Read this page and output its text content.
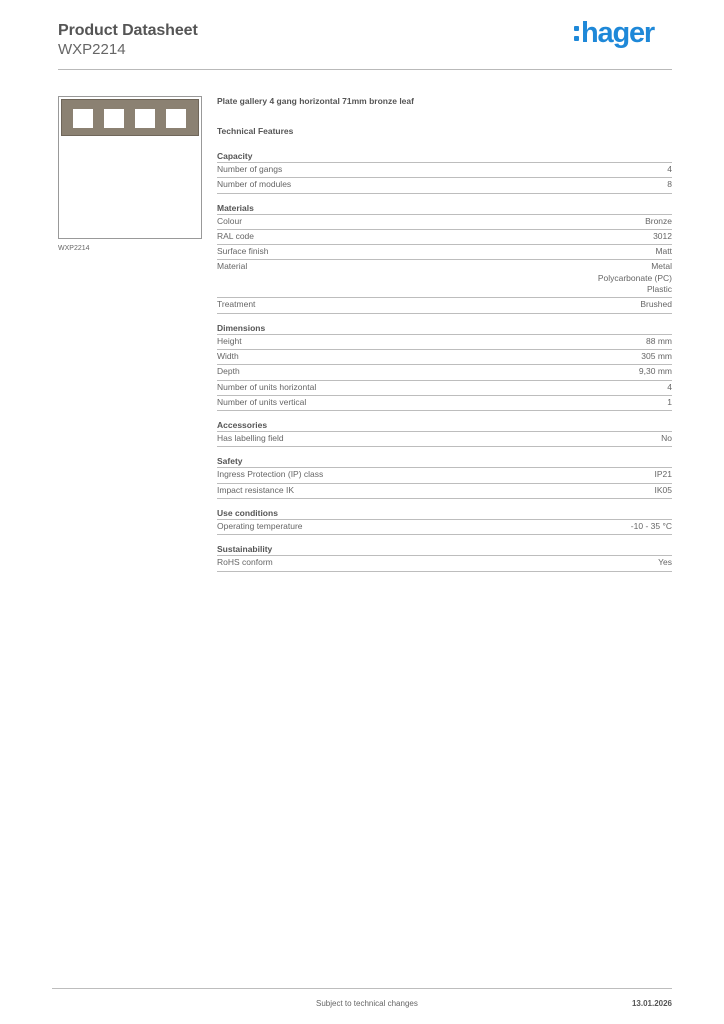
Product Datasheet
WXP2214
hager
WXP2214
Plate gallery 4 gang horizontal 71mm bronze leaf
Technical Features
Capacity
Number of gangs	4
Number of modules	8
Materials
Colour	Bronze
RAL code	3012
Surface finish	Matt
Material	Metal
Polycarbonate (PC)
Plastic
Treatment	Brushed
Dimensions
Height	88 mm
Width	305 mm
Depth	9,30 mm
Number of units horizontal	4
Number of units vertical	1
Accessories
Has labelling field	No
Safety
Ingress Protection (IP) class	IP21
Impact resistance IK	IK05
Use conditions
Operating temperature	-10 - 35 °C
Sustainability
RoHS conform	Yes
Subject to technical changes	13.01.2026
